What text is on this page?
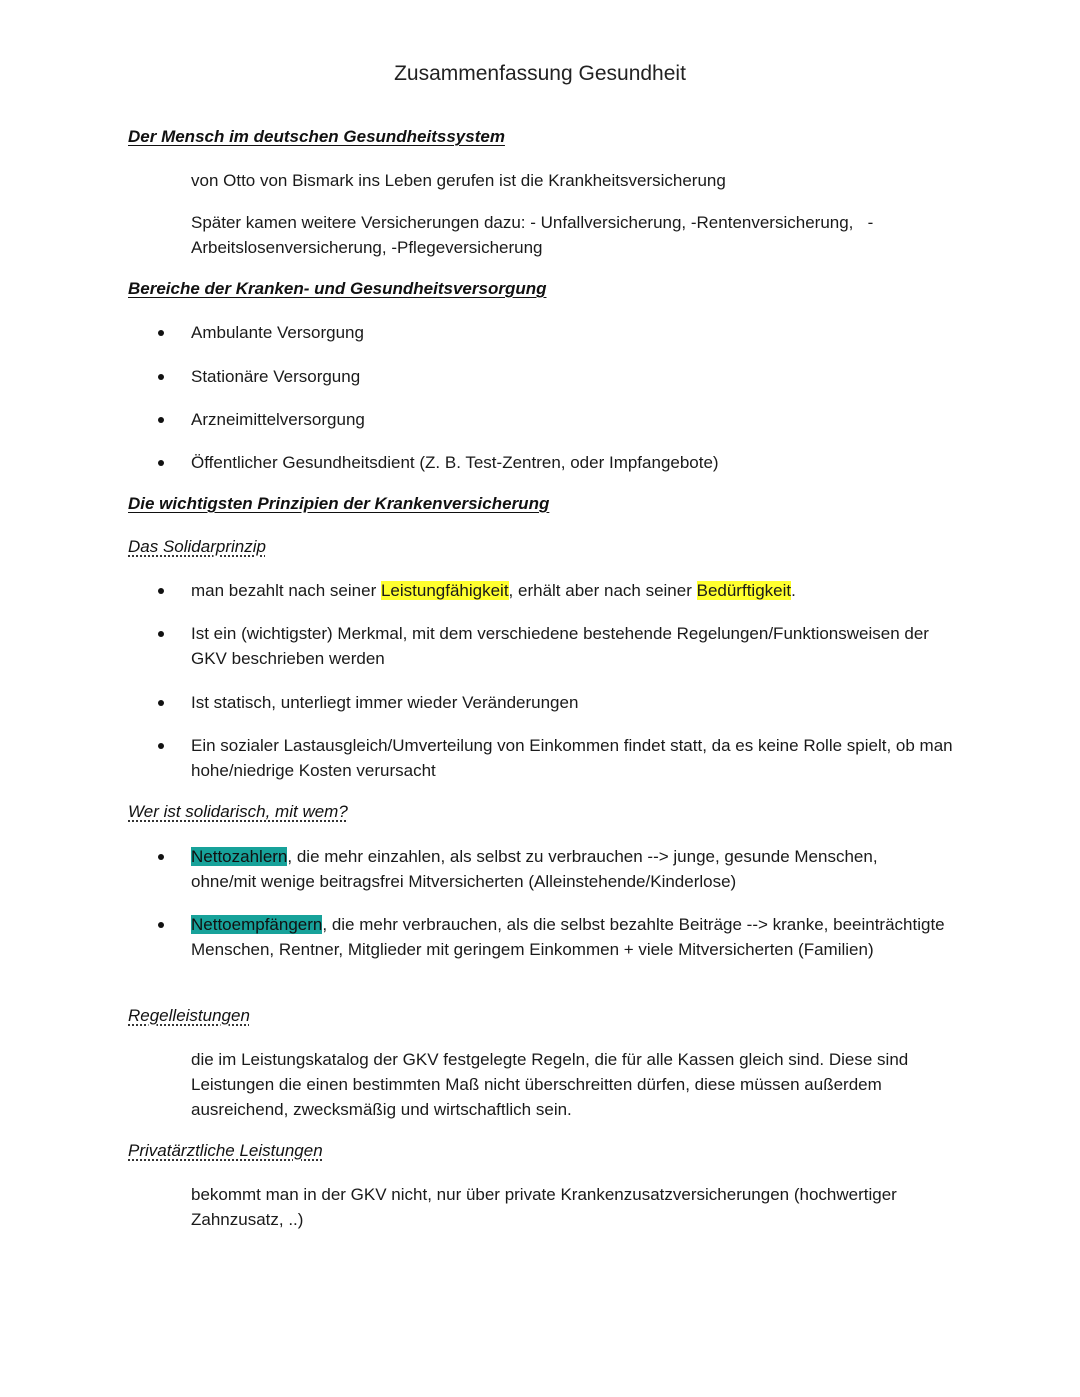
Zusammenfassung Gesundheit
Der Mensch im deutschen Gesundheitssystem
von Otto von Bismark ins Leben gerufen ist die Krankheitsversicherung
Später kamen weitere Versicherungen dazu: - Unfallversicherung, -Rentenversicherung,   -
Arbeitslosenversicherung, -Pflegeversicherung
Bereiche der Kranken- und Gesundheitsversorgung
Ambulante Versorgung
Stationäre Versorgung
Arzneimittelversorgung
Öffentlicher Gesundheitsdient (Z. B. Test-Zentren, oder Impfangebote)
Die wichtigsten Prinzipien der Krankenversicherung
Das Solidarprinzip
man bezahlt nach seiner Leistungfähigkeit, erhält aber nach seiner Bedürftigkeit.
Ist ein (wichtigster) Merkmal, mit dem verschiedene bestehende Regelungen/Funktionsweisen der GKV beschrieben werden
Ist statisch, unterliegt immer wieder Veränderungen
Ein sozialer Lastausgleich/Umverteilung von Einkommen findet statt, da es keine Rolle spielt, ob man hohe/niedrige Kosten verursacht
Wer ist solidarisch, mit wem?
Nettozahlern, die mehr einzahlen, als selbst zu verbrauchen --> junge, gesunde Menschen, ohne/mit wenige beitragsfrei Mitversicherten (Alleinstehende/Kinderlose)
Nettoempfängern, die mehr verbrauchen, als die selbst bezahlte Beiträge --> kranke, beeinträchtigte Menschen, Rentner, Mitglieder mit geringem Einkommen + viele Mitversicherten (Familien)
Regelleistungen
die im Leistungskatalog der GKV festgelegte Regeln, die für alle Kassen gleich sind. Diese sind Leistungen die einen bestimmten Maß nicht überschreitten dürfen, diese müssen außerdem ausreichend, zwecksmäßig und wirtschaftlich sein.
Privatärztliche Leistungen
bekommt man in der GKV nicht, nur über private Krankenzusatzversicherungen (hochwertiger Zahnzusatz, ..)
